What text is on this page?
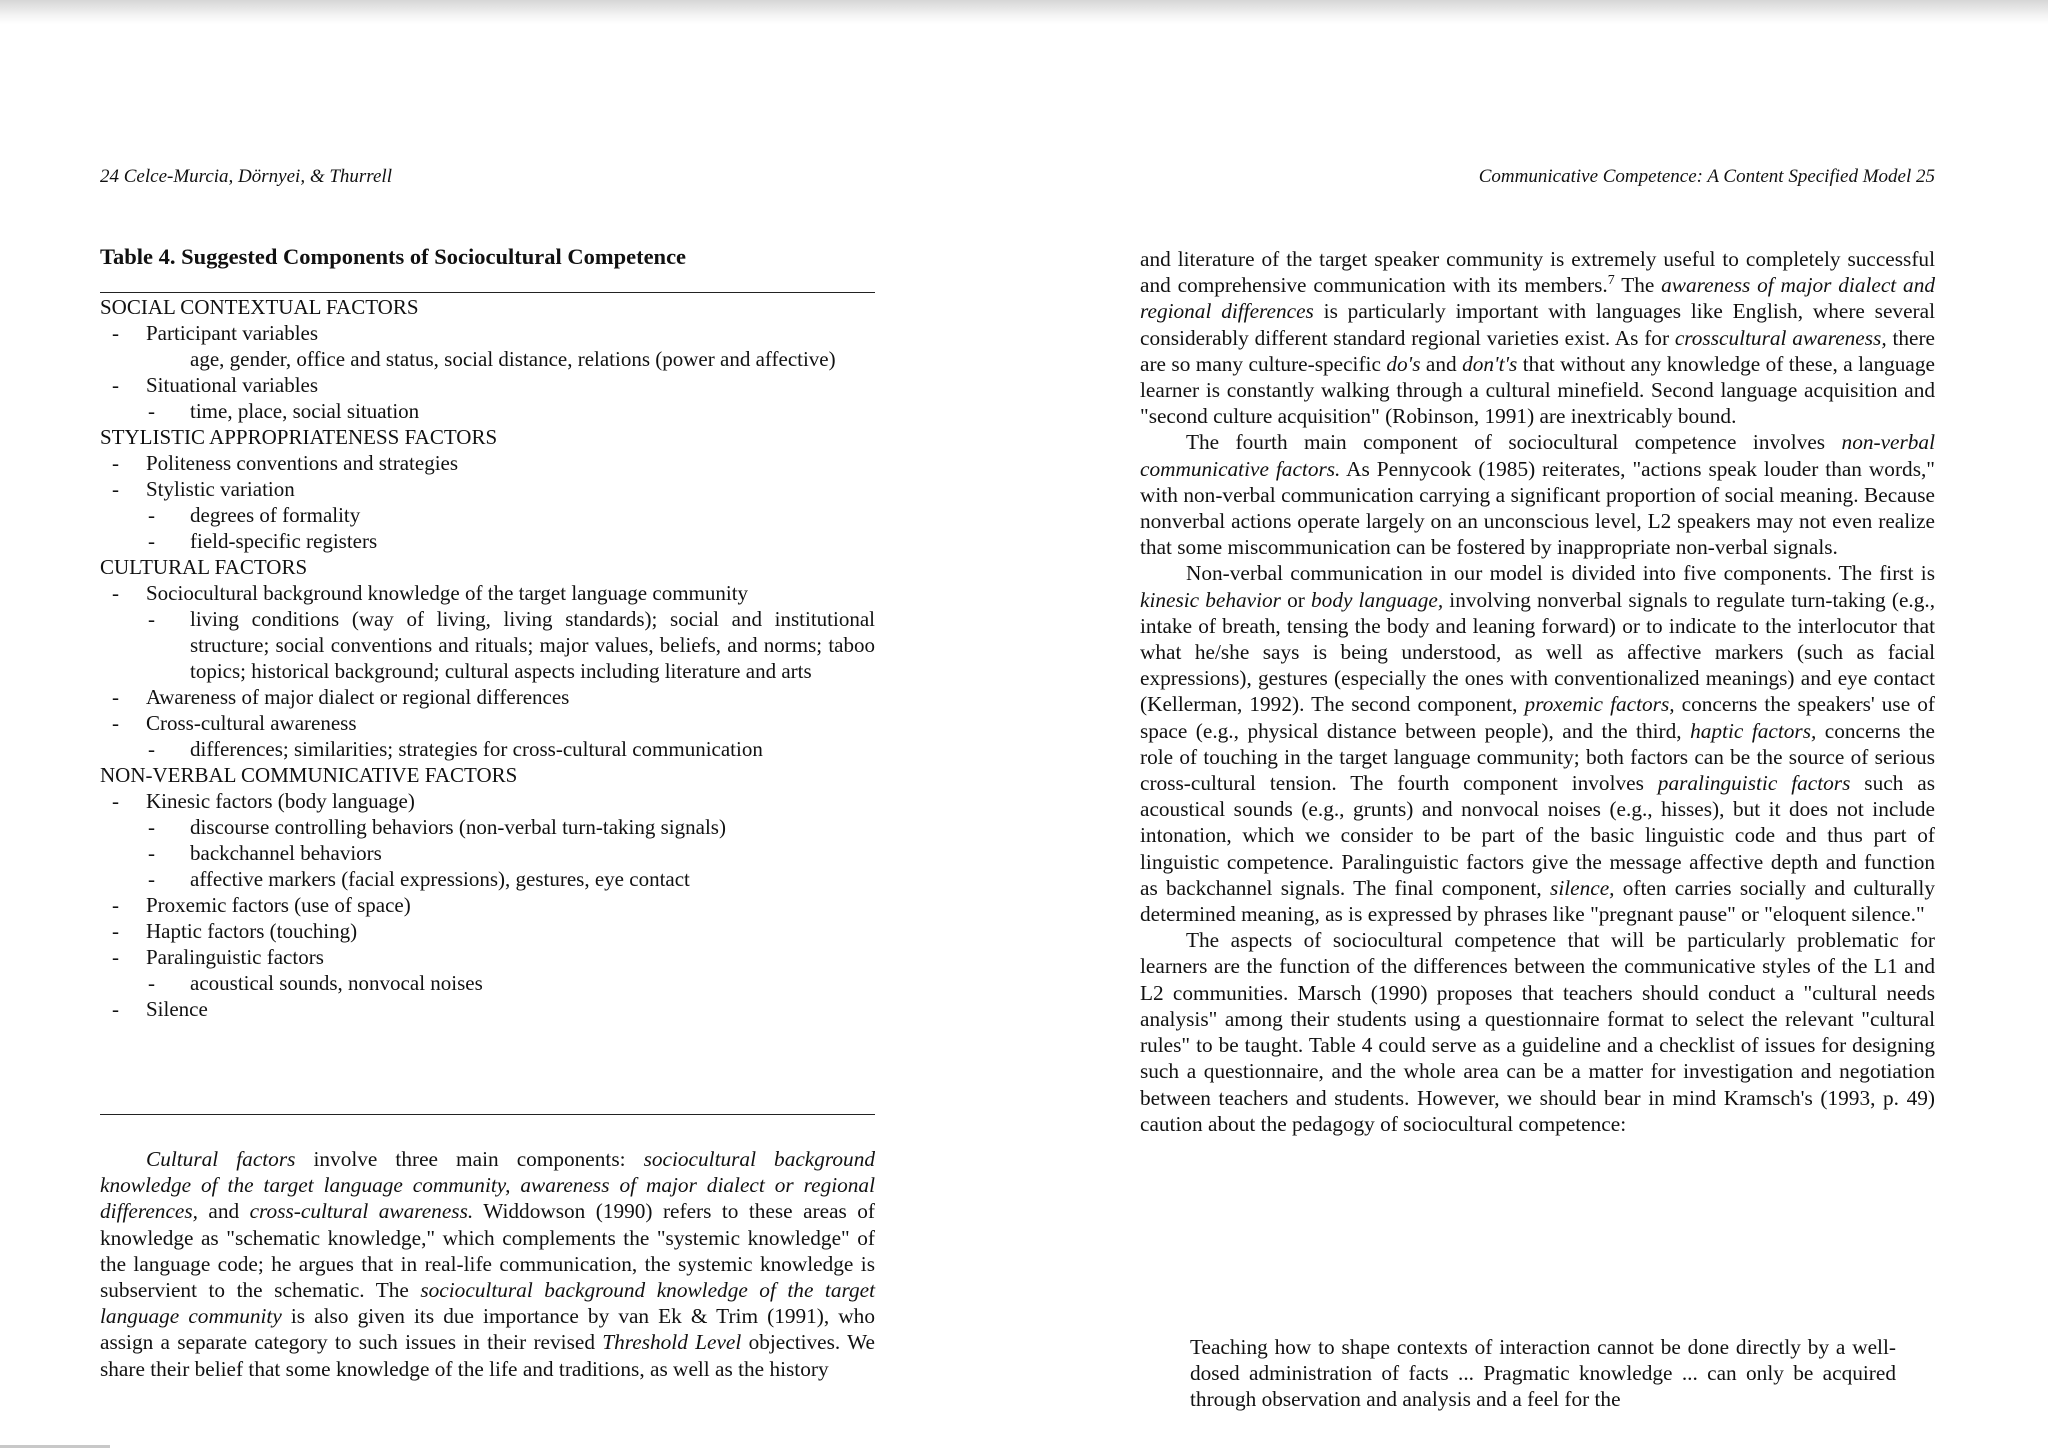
24 Celce-Murcia, Dörnyei, & Thurrell
Table 4. Suggested Components of Sociocultural Competence
SOCIAL CONTEXTUAL FACTORS
- Participant variables
age, gender, office and status, social distance, relations (power and affective)
- Situational variables
- time, place, social situation
STYLISTIC APPROPRIATENESS FACTORS
- Politeness conventions and strategies
- Stylistic variation
- degrees of formality
- field-specific registers
CULTURAL FACTORS
- Sociocultural background knowledge of the target language community
- living conditions (way of living, living standards); social and institutional structure; social conventions and rituals; major values, beliefs, and norms; taboo topics; historical background; cultural aspects including literature and arts
- Awareness of major dialect or regional differences
- Cross-cultural awareness
- differences; similarities; strategies for cross-cultural communication
NON-VERBAL COMMUNICATIVE FACTORS
- Kinesic factors (body language)
- discourse controlling behaviors (non-verbal turn-taking signals)
- backchannel behaviors
- affective markers (facial expressions), gestures, eye contact
- Proxemic factors (use of space)
- Haptic factors (touching)
- Paralinguistic factors
- acoustical sounds, nonvocal noises
- Silence

Cultural factors involve three main components: sociocultural background knowledge of the target language community, awareness of major dialect or regional differences, and cross-cultural awareness. Widdowson (1990) refers to these areas of knowledge as "schematic knowledge," which complements the "systemic knowledge" of the language code; he argues that in real-life communication, the systemic knowledge is subservient to the schematic. The sociocultural background knowledge of the target language community is also given its due importance by van Ek & Trim (1991), who assign a separate category to such issues in their revised Threshold Level objectives. We share their belief that some knowledge of the life and traditions, as well as the history

Communicative Competence: A Content Specified Model 25

and literature of the target speaker community is extremely useful to completely successful and comprehensive communication with its members.$^7$ The awareness of major dialect and regional differences is particularly important with languages like English, where several considerably different standard regional varieties exist. As for crosscultural awareness, there are so many culture-specific do's and don't's that without any knowledge of these, a language learner is constantly walking through a cultural minefield. Second language acquisition and "second culture acquisition" (Robinson, 1991) are inextricably bound.

The fourth main component of sociocultural competence involves non-verbal communicative factors. As Pennycook (1985) reiterates, "actions speak louder than words," with non-verbal communication carrying a significant proportion of social meaning. Because nonverbal actions operate largely on an unconscious level, L2 speakers may not even realize that some miscommunication can be fostered by inappropriate non-verbal signals.

Non-verbal communication in our model is divided into five components. The first is kinesic behavior or body language, involving nonverbal signals to regulate turn-taking (e.g., intake of breath, tensing the body and leaning forward) or to indicate to the interlocutor that what he/she says is being understood, as well as affective markers (such as facial expressions), gestures (especially the ones with conventionalized meanings) and eye contact (Kellerman, 1992). The second component, proxemic factors, concerns the speakers' use of space (e.g., physical distance between people), and the third, haptic factors, concerns the role of touching in the target language community; both factors can be the source of serious cross-cultural tension. The fourth component involves paralinguistic factors such as acoustical sounds (e.g., grunts) and nonvocal noises (e.g., hisses), but it does not include intonation, which we consider to be part of the basic linguistic code and thus part of linguistic competence. Paralinguistic factors give the message affective depth and function as backchannel signals. The final component, silence, often carries socially and culturally determined meaning, as is expressed by phrases like "pregnant pause" or "eloquent silence."

The aspects of sociocultural competence that will be particularly problematic for learners are the function of the differences between the communicative styles of the L1 and L2 communities. Marsch (1990) proposes that teachers should conduct a "cultural needs analysis" among their students using a questionnaire format to select the relevant "cultural rules" to be taught. Table 4 could serve as a guideline and a checklist of issues for designing such a questionnaire, and the whole area can be a matter for investigation and negotiation between teachers and students. However, we should bear in mind Kramsch's (1993, p. 49) caution about the pedagogy of sociocultural competence:

Teaching how to shape contexts of interaction cannot be done directly by a well-dosed administration of facts ... Pragmatic knowledge ... can only be acquired through observation and analysis and a feel for the
